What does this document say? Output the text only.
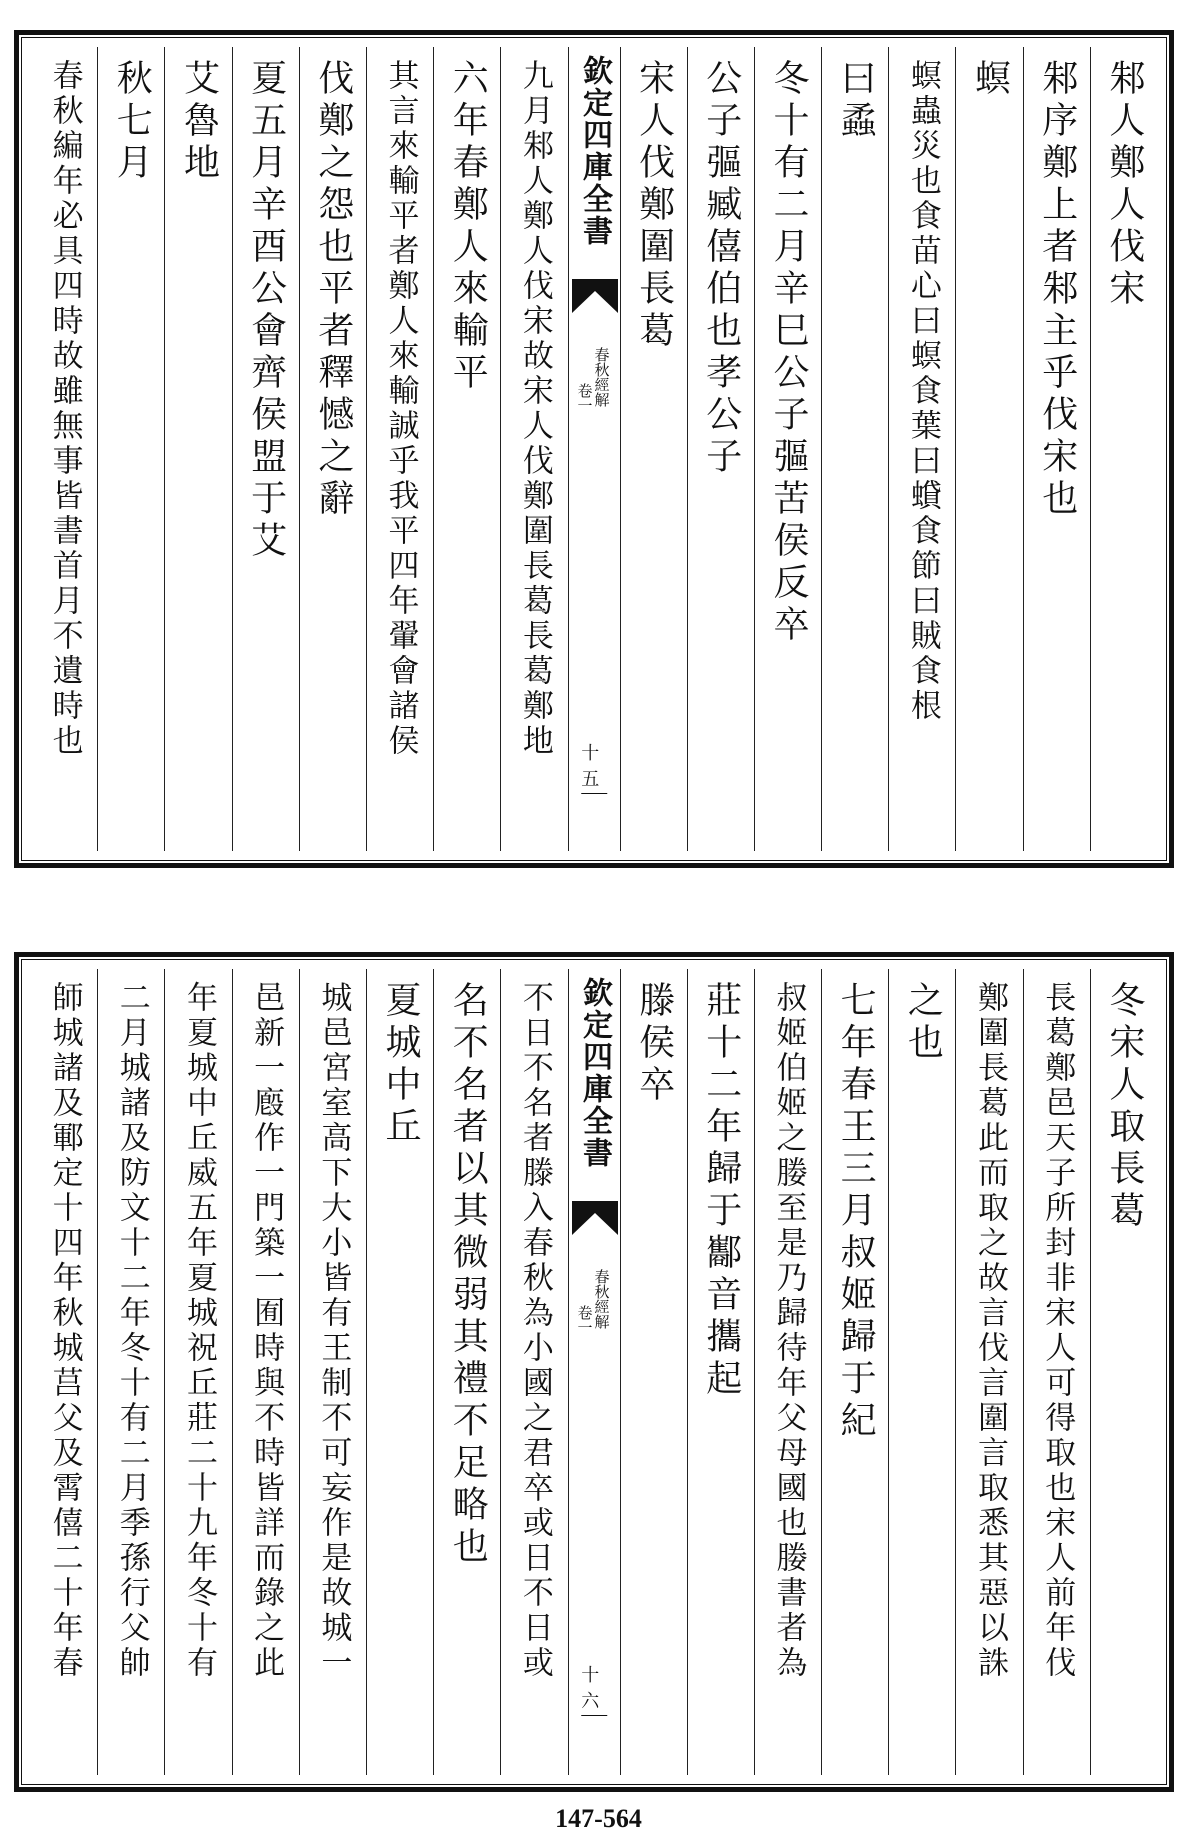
邾人鄭人伐宋
邾序鄭上者邾主乎伐宋也
螟
螟蟲災也食苗心曰螟食葉曰蟘食節曰賊食根
曰蟊
冬十有二月辛巳公子彄苦侯反卒
公子彄臧僖伯也孝公子
宋人伐鄭圍長葛
欽定四庫全書
春秋經解
卷一
十五
九月邾人鄭人伐宋故宋人伐鄭圍長葛長葛鄭地
六年春鄭人來輸平
其言來輸平者鄭人來輸誠乎我平四年翬會諸侯
伐鄭之怨也平者釋憾之辭
夏五月辛酉公會齊侯盟于艾
艾魯地
秋七月
春秋編年必具四時故雖無事皆書首月不遺時也
冬宋人取長葛
長葛鄭邑天子所封非宋人可得取也宋人前年伐
鄭圍長葛此而取之故言伐言圍言取悉其惡以誅
之也
七年春王三月叔姬歸于紀
叔姬伯姬之媵至是乃歸待年父母國也媵書者為
莊十二年歸于酅音攜起
滕侯卒
欽定四庫全書
春秋經解
卷一
十六
不日不名者滕入春秋為小國之君卒或日不日或
名不名者以其微弱其禮不足略也
夏城中丘
城邑宮室高下大小皆有王制不可妄作是故城一
邑新一廏作一門築一囿時與不時皆詳而錄之此
年夏城中丘威五年夏城祝丘莊二十九年冬十有
二月城諸及防文十二年冬十有二月季孫行父帥
師城諸及鄆定十四年秋城莒父及霄僖二十年春
147-564
